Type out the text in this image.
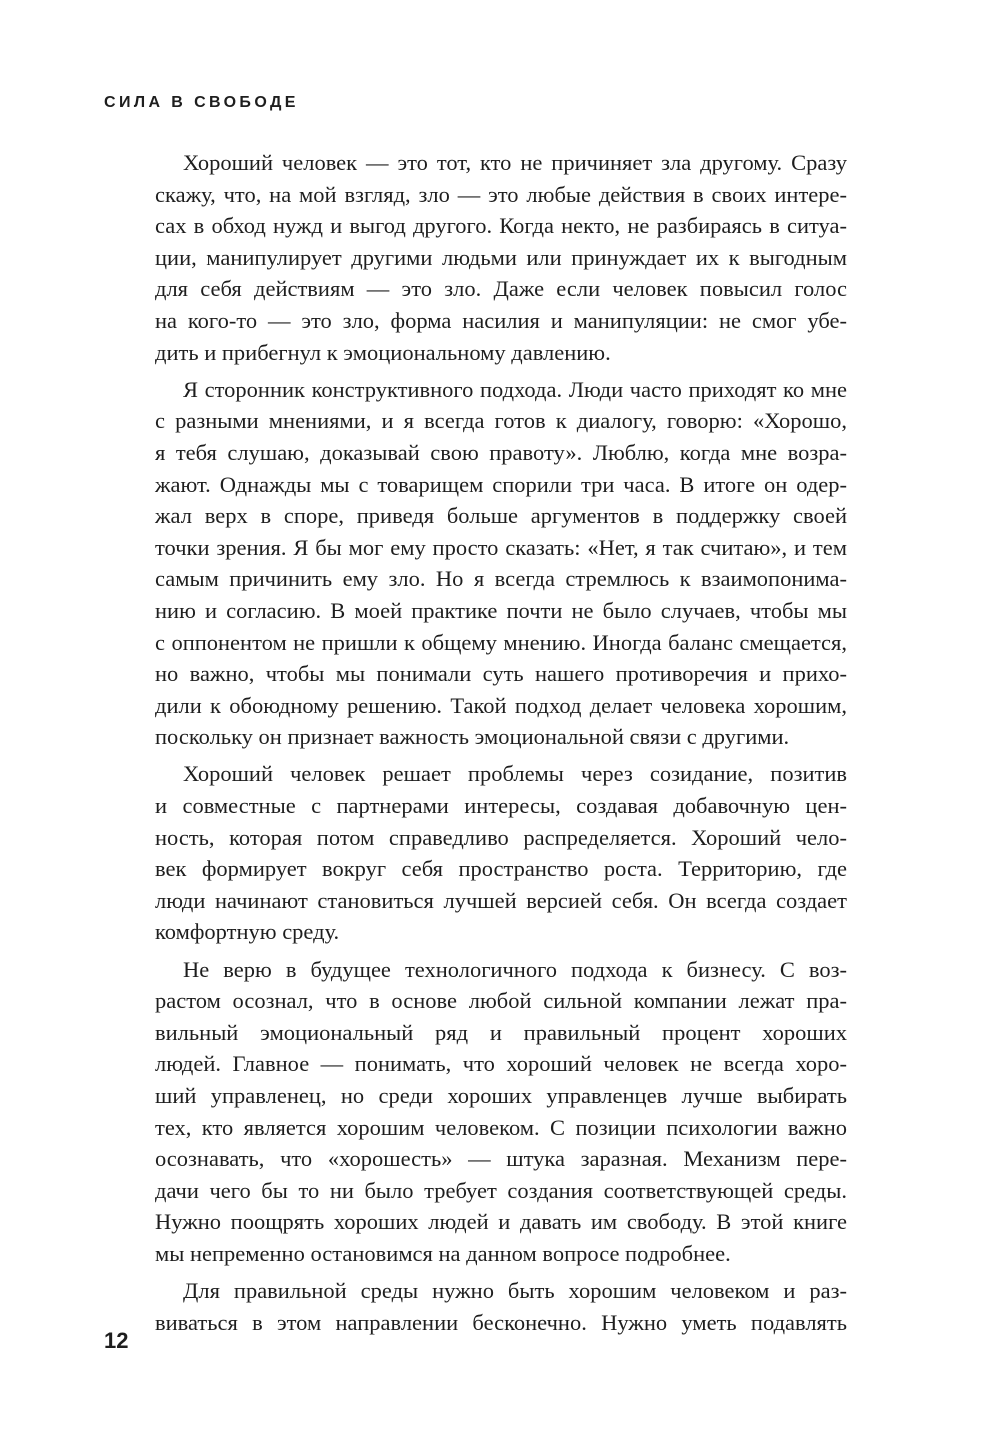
СИЛА В СВОБОДЕ
Хороший человек — это тот, кто не причиняет зла другому. Сразу
скажу, что, на мой взгляд, зло — это любые действия в своих интере-
сах в обход нужд и выгод другого. Когда некто, не разбираясь в ситуа-
ции, манипулирует другими людьми или принуждает их к выгодным
для себя действиям — это зло. Даже если человек повысил голос
на кого-то — это зло, форма насилия и манипуляции: не смог убе-
дить и прибегнул к эмоциональному давлению.
Я сторонник конструктивного подхода. Люди часто приходят ко мне
с разными мнениями, и я всегда готов к диалогу, говорю: «Хорошо,
я тебя слушаю, доказывай свою правоту». Люблю, когда мне возра-
жают. Однажды мы с товарищем спорили три часа. В итоге он одер-
жал верх в споре, приведя больше аргументов в поддержку своей
точки зрения. Я бы мог ему просто сказать: «Нет, я так считаю», и тем
самым причинить ему зло. Но я всегда стремлюсь к взаимопонима-
нию и согласию. В моей практике почти не было случаев, чтобы мы
с оппонентом не пришли к общему мнению. Иногда баланс смещается,
но важно, чтобы мы понимали суть нашего противоречия и прихо-
дили к обоюдному решению. Такой подход делает человека хорошим,
поскольку он признает важность эмоциональной связи с другими.
Хороший человек решает проблемы через созидание, позитив
и совместные с партнерами интересы, создавая добавочную цен-
ность, которая потом справедливо распределяется. Хороший чело-
век формирует вокруг себя пространство роста. Территорию, где
люди начинают становиться лучшей версией себя. Он всегда создает
комфортную среду.
Не верю в будущее технологичного подхода к бизнесу. С воз-
растом осознал, что в основе любой сильной компании лежат пра-
вильный эмоциональный ряд и правильный процент хороших
людей. Главное — понимать, что хороший человек не всегда хоро-
ший управленец, но среди хороших управленцев лучше выбирать
тех, кто является хорошим человеком. С позиции психологии важно
осознавать, что «хорошесть» — штука заразная. Механизм пере-
дачи чего бы то ни было требует создания соответствующей среды.
Нужно поощрять хороших людей и давать им свободу. В этой книге
мы непременно остановимся на данном вопросе подробнее.
Для правильной среды нужно быть хорошим человеком и раз-
виваться в этом направлении бесконечно. Нужно уметь подавлять
12
